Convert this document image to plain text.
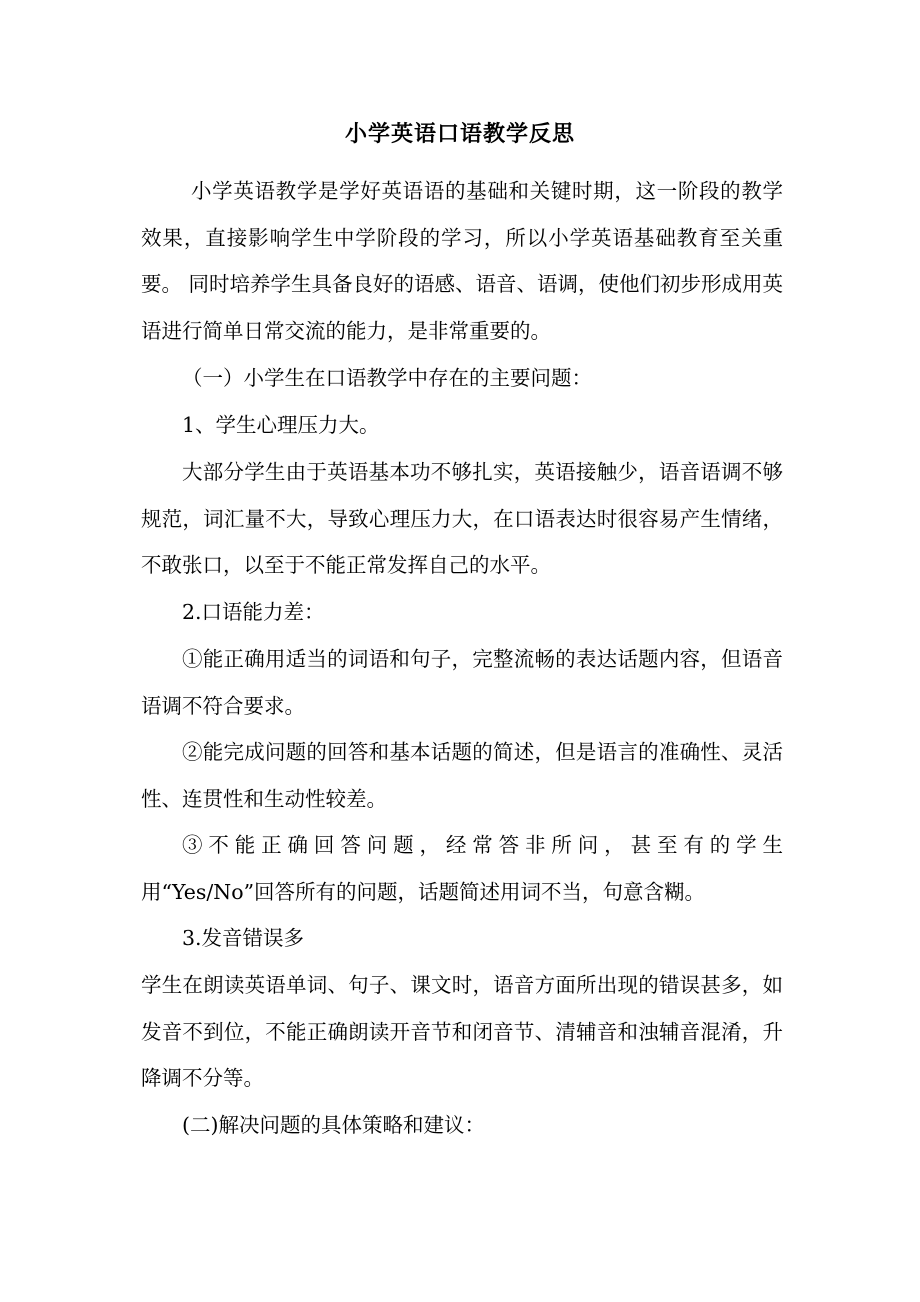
小学英语口语教学反思

小学英语教学是学好英语语的基础和关键时期，这一阶段的教学效果，直接影响学生中学阶段的学习，所以小学英语基础教育至关重要。 同时培养学生具备良好的语感、语音、语调，使他们初步形成用英语进行简单日常交流的能力，是非常重要的。

（一）小学生在口语教学中存在的主要问题：

1、学生心理压力大。

大部分学生由于英语基本功不够扎实，英语接触少，语音语调不够规范，词汇量不大，导致心理压力大，在口语表达时很容易产生情绪，不敢张口，以至于不能正常发挥自己的水平。

2.口语能力差：

①能正确用适当的词语和句子，完整流畅的表达话题内容，但语音语调不符合要求。

②能完成问题的回答和基本话题的简述，但是语言的准确性、灵活性、连贯性和生动性较差。

③不能正确回答问题，经常答非所问，甚至有的学生用“Yes/No”回答所有的问题，话题简述用词不当，句意含糊。

3.发音错误多

学生在朗读英语单词、句子、课文时，语音方面所出现的错误甚多，如发音不到位，不能正确朗读开音节和闭音节、清辅音和浊辅音混淆，升降调不分等。

(二)解决问题的具体策略和建议：
